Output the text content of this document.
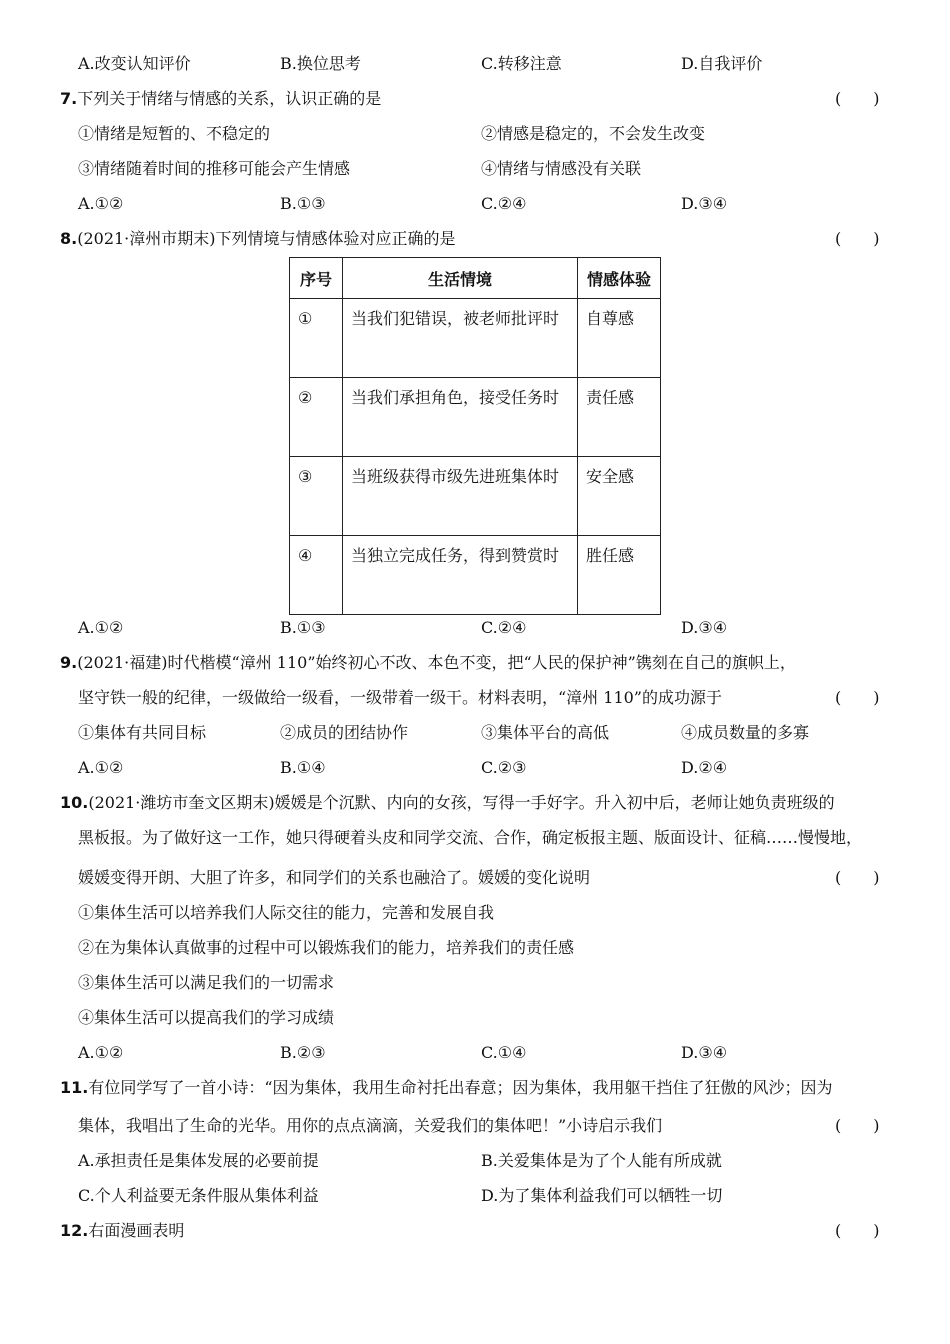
A.改变认知评价	B.换位思考	C.转移注意	D.自我评价
7.下列关于情绪与情感的关系，认识正确的是	(　　)
①情绪是短暂的、不稳定的	②情感是稳定的，不会发生改变
③情绪随着时间的推移可能会产生情感	④情绪与情感没有关联
A.①②	B.①③	C.②④	D.③④
8.(2021·漳州市期末)下列情境与情感体验对应正确的是	(　　)
序号	生活情境	情感体验
①	当我们犯错误，被老师批评时	自尊感
②	当我们承担角色，接受任务时	责任感
③	当班级获得市级先进班集体时	安全感
④	当独立完成任务，得到赞赏时	胜任感
A.①②	B.①③	C.②④	D.③④
9.(2021·福建)时代楷模“漳州 110”始终初心不改、本色不变，把“人民的保护神”镌刻在自己的旗帜上，
坚守铁一般的纪律，一级做给一级看，一级带着一级干。材料表明，“漳州 110”的成功源于	(　　)
①集体有共同目标	②成员的团结协作	③集体平台的高低	④成员数量的多寡
A.①②	B.①④	C.②③	D.②④
10.(2021·潍坊市奎文区期末)媛媛是个沉默、内向的女孩，写得一手好字。升入初中后，老师让她负责班级的
黑板报。为了做好这一工作，她只得硬着头皮和同学交流、合作，确定板报主题、版面设计、征稿……慢慢地，
媛媛变得开朗、大胆了许多，和同学们的关系也融洽了。媛媛的变化说明	(　　)
①集体生活可以培养我们人际交往的能力，完善和发展自我
②在为集体认真做事的过程中可以锻炼我们的能力，培养我们的责任感
③集体生活可以满足我们的一切需求
④集体生活可以提高我们的学习成绩
A.①②	B.②③	C.①④	D.③④
11.有位同学写了一首小诗：“因为集体，我用生命衬托出春意；因为集体，我用躯干挡住了狂傲的风沙；因为
集体，我唱出了生命的光华。用你的点点滴滴，关爱我们的集体吧！”小诗启示我们	(　　)
A.承担责任是集体发展的必要前提	B.关爱集体是为了个人能有所成就
C.个人利益要无条件服从集体利益	D.为了集体利益我们可以牺牲一切
12.右面漫画表明	(　　)
